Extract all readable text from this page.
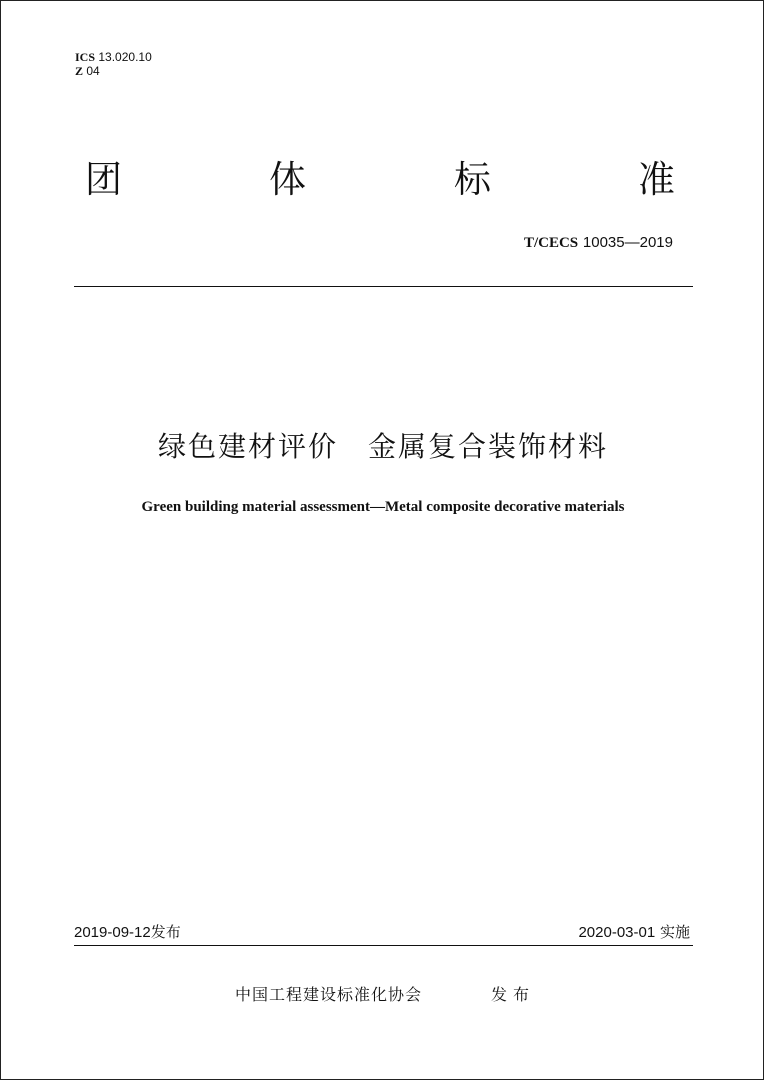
ICS 13.020.10
Z 04
团	体	标	准
T/CECS 10035—2019
绿色建材评价　金属复合装饰材料
Green building material assessment—Metal composite decorative materials
2019-09-12发布	2020-03-01 实施
中国工程建设标准化协会	发布
